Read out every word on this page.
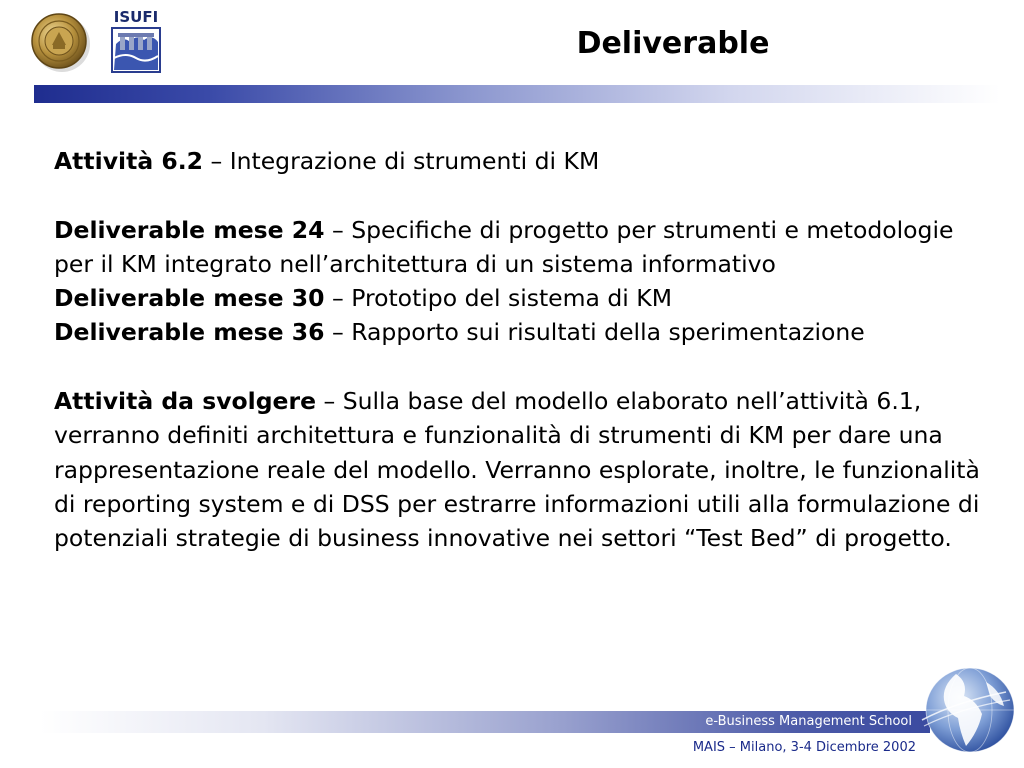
ISUFI
Deliverable

Attività 6.2 – Integrazione di strumenti di KM

Deliverable mese 24 – Specifiche di progetto per strumenti e metodologie per il KM integrato nell’architettura di un sistema informativo

Deliverable mese 30 – Prototipo del sistema di KM

Deliverable mese 36 – Rapporto sui risultati della sperimentazione

Attività da svolgere – Sulla base del modello elaborato nell’attività 6.1, verranno definiti architettura e funzionalità di strumenti di KM per dare una rappresentazione reale del modello. Verranno esplorate, inoltre, le funzionalità di reporting system e di DSS per estrarre informazioni utili alla formulazione di potenziali strategie di business innovative nei settori “Test Bed” di progetto.

e-Business Management School
MAIS – Milano, 3-4 Dicembre 2002
